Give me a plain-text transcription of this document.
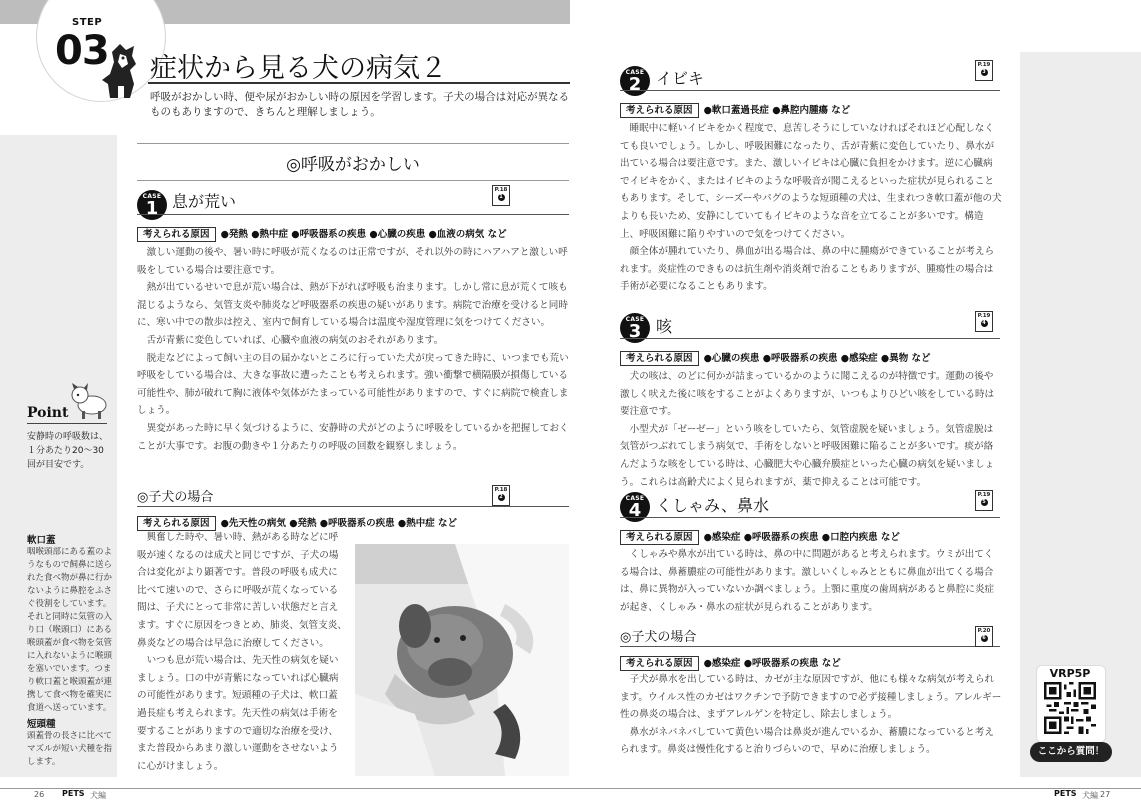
STEP
03 症状から見る犬の病気２
呼吸がおかしい時、便や尿がおかしい時の原因を学習します。子犬の場合は対応が異なるものもありますので、きちんと理解しましょう。
◎呼吸がおかしい
CASE
1 息が荒い
P.18
1
考えられる原因 ●発熱 ●熱中症 ●呼吸器系の疾患 ●心臓の疾患 ●血液の病気 など

激しい運動の後や、暑い時に呼吸が荒くなるのは正常ですが、それ以外の時にハアハアと激しい呼吸をしている場合は要注意です。

熱が出ているせいで息が荒い場合は、熱が下がれば呼吸も治まります。しかし常に息が荒くて咳も混じるようなら、気管支炎や肺炎など呼吸器系の疾患の疑いがあります。病院で治療を受けると同時に、寒い中での散歩は控え、室内で飼育している場合は温度や湿度管理に気をつけてください。

舌が青紫に変色していれば、心臓や血液の病気のおそれがあります。

脱走などによって飼い主の目の届かないところに行っていた犬が戻ってきた時に、いつまでも荒い呼吸をしている場合は、大きな事故に遭ったことも考えられます。強い衝撃で横隔膜が損傷している可能性や、肺が破れて胸に液体や気体がたまっている可能性がありますので、すぐに病院で検査しましょう。

異変があった時に早く気づけるように、安静時の犬がどのように呼吸をしているかを把握しておくことが大事です。お腹の動きや１分あたりの呼吸の回数を観察しましょう。

◎子犬の場合	P.18
2
考えられる原因 ●先天性の病気 ●発熱 ●呼吸器系の疾患 ●熱中症 など

興奮した時や、暑い時、熱がある時などに呼吸が速くなるのは成犬と同じですが、子犬の場合は変化がより顕著です。普段の呼吸も成犬に比べて速いので、さらに呼吸が荒くなっている間は、子犬にとって非常に苦しい状態だと言えます。すぐに原因をつきとめ、肺炎、気管支炎、鼻炎などの場合は早急に治療してください。

いつも息が荒い場合は、先天性の病気を疑いましょう。口の中が青紫になっていれば心臓病の可能性があります。短頭種の子犬は、軟口蓋過長症も考えられます。先天性の病気は手術を要することがありますので適切な治療を受け、また普段からあまり激しい運動をさせないように心がけましょう。

Point
安静時の呼吸数は、１分あたり20〜30回が目安です。
軟口蓋
咽喉頭部にある蓋のようなもので飼鼻に送られた食べ物が鼻に行かないように鼻腔をふさぐ役割をしています。それと同時に気管の入り口（喉頭口）にある喉頭蓋が食べ物を気管に入れないように喉頭を塞いでいます。つまり軟口蓋と喉頭蓋が連携して食べ物を確実に食道へ送っています。
短頭種
頭蓋骨の長さに比べてマズルが短い犬種を指します。
26 PETS 犬編
CASE
2 イビキ
P.19
3
考えられる原因 ●軟口蓋過長症 ●鼻腔内腫瘍 など

睡眠中に軽いイビキをかく程度で、息苦しそうにしていなければそれほど心配しなくても良いでしょう。しかし、呼吸困難になったり、舌が青紫に変色していたり、鼻水が出ている場合は要注意です。また、激しいイビキは心臓に負担をかけます。逆に心臓病でイビキをかく、またはイビキのような呼吸音が聞こえるといった症状が見られることもあります。そして、シーズーやパグのような短頭種の犬は、生まれつき軟口蓋が他の犬よりも長いため、安静にしていてもイビキのような音を立てることが多いです。構造上、呼吸困難に陥りやすいので気をつけてください。

顔全体が腫れていたり、鼻血が出る場合は、鼻の中に腫瘍ができていることが考えられます。炎症性のできものは抗生剤や消炎剤で治ることもありますが、腫瘍性の場合は手術が必要になることもあります。

CASE
3 咳
P.19
4
考えられる原因 ●心臓の疾患 ●呼吸器系の疾患 ●感染症 ●異物 など

犬の咳は、のどに何かが詰まっているかのように聞こえるのが特徴です。運動の後や激しく吠えた後に咳をすることがよくありますが、いつもよりひどい咳をしている時は要注意です。

小型犬が「ゼーゼー」という咳をしていたら、気管虚脱を疑いましょう。気管虚脱は気管がつぶれてしまう病気で、手術をしないと呼吸困難に陥ることが多いです。痰が絡んだような咳をしている時は、心臓肥大や心臓弁膜症といった心臓の病気を疑いましょう。これらは高齢犬によく見られますが、薬で抑えることは可能です。

CASE
4 くしゃみ、鼻水
P.19
5
考えられる原因 ●感染症 ●呼吸器系の疾患 ●口腔内疾患 など

くしゃみや鼻水が出ている時は、鼻の中に問題があると考えられます。ウミが出てくる場合は、鼻蓄膿症の可能性があります。激しいくしゃみとともに鼻血が出てくる場合は、鼻に異物が入っていないか調べましょう。上顎に重度の歯周病があると鼻腔に炎症が起き、くしゃみ・鼻水の症状が見られることがあります。

◎子犬の場合	P.20
6
考えられる原因 ●感染症 ●呼吸器系の疾患 など

子犬が鼻水を出している時は、カゼが主な原因ですが、他にも様々な病気が考えられます。ウイルス性のカゼはワクチンで予防できますので必ず接種しましょう。アレルギー性の鼻炎の場合は、まずアレルゲンを特定し、除去しましょう。

鼻水がネバネバしていて黄色い場合は鼻炎が進んでいるか、蓄膿になっていると考えられます。鼻炎は慢性化すると治りづらいので、早めに治療しましょう。

VRP5P
ここから質問！
PETS 犬編 27
